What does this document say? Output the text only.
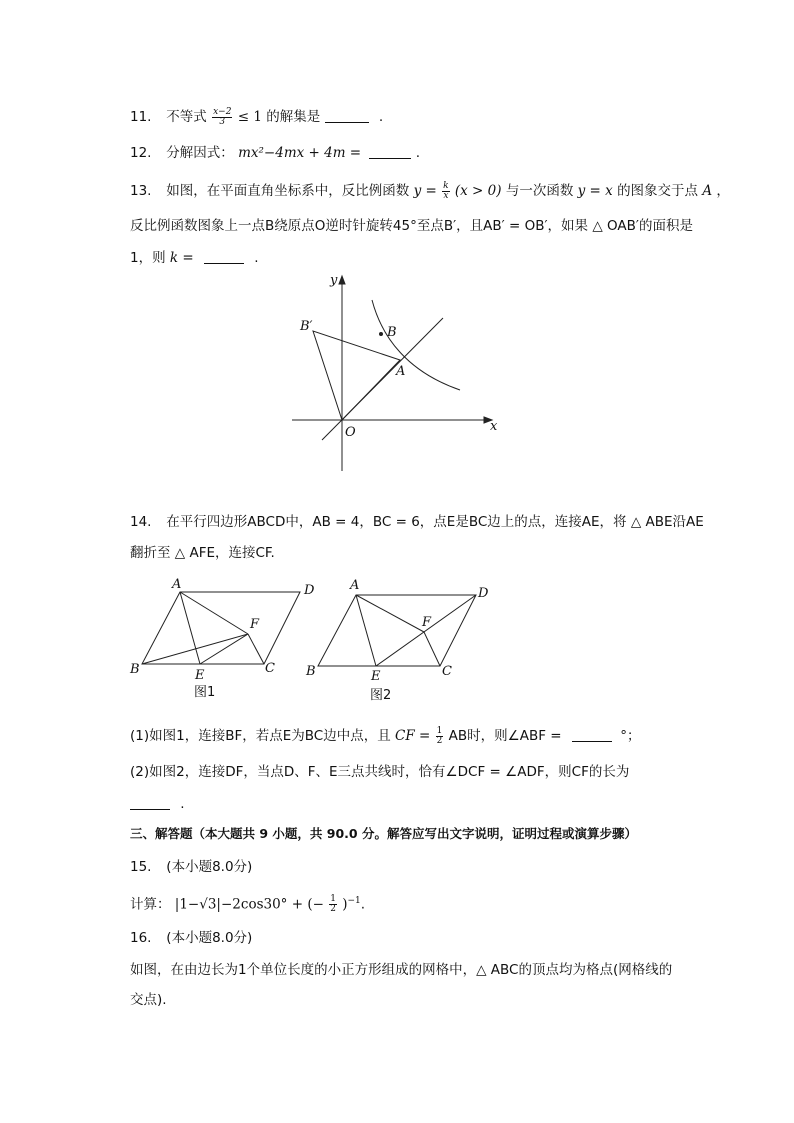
11. 不等式 $\frac{x-2}{3} \le 1$ 的解集是	.
12. 分解因式： mx²−4mx + 4m =	.
13. 如图，在平面直角坐标系中，反比例函数 $y = \frac{k}{x} (x > 0)$ 与一次函数 y = x 的图象交于点 A ，
反比例函数图象上一点B绕原点O逆时针旋转45°至点B′，且AB′ = OB′，如果 △ OAB′的面积是
1，则 k =	.
y
x
O
A
B
B′
14. 在平行四边形ABCD中，AB = 4，BC = 6，点E是BC边上的点，连接AE，将 △ ABE沿AE
翻折至 △ AFE，连接CF.
A	D
F
B	E	C
图1
A
D
F
B	E	C
图2
(1)如图1，连接BF，若点E为BC边中点，且 CF = $\frac{1}{2}$ AB时，则∠ABF =	°；
(2)如图2，连接DF，当点D、F、E三点共线时，恰有∠DCF = ∠ADF，则CF的长为
.
三、解答题（本大题共 9 小题，共 90.0 分。解答应写出文字说明，证明过程或演算步骤）
15. (本小题8.0分)
计算： |1−√3|−2cos30° + (− $\frac{1}{2} )^{-1}$.
16. (本小题8.0分)
如图，在由边长为1个单位长度的小正方形组成的网格中，△ ABC的顶点均为格点(网格线的
交点).
